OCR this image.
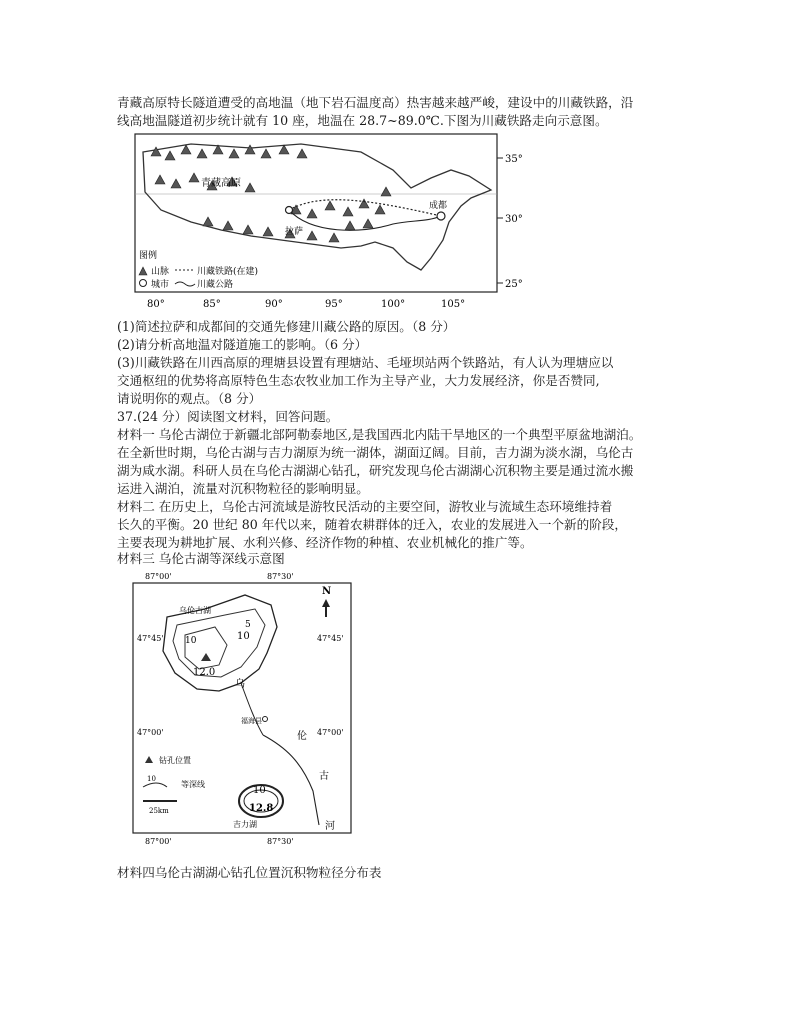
青藏高原特长隧道遭受的高地温（地下岩石温度高）热害越来越严峻，建设中的川藏铁路，沿
线高地温隧道初步统计就有 10 座，地温在 28.7~89.0℃.下图为川藏铁路走向示意图。
青藏高原
拉萨
成都
35°
30°
25°
80°	85°	90°	95°	100°	105°
图例
山脉	川藏铁路(在建)
城市	川藏公路
(1)简述拉萨和成都间的交通先修建川藏公路的原因。（8 分）
(2)请分析高地温对隧道施工的影响。（6 分）
(3)川藏铁路在川西高原的理塘县设置有理塘站、毛垭坝站两个铁路站，有人认为理塘应以
交通枢纽的优势将高原特色生态农牧业加工作为主导产业，大力发展经济，你是否赞同,
请说明你的观点。（8 分）
37.(24 分）阅读图文材料，回答问题。
材料一 乌伦古湖位于新疆北部阿勒泰地区,是我国西北内陆干旱地区的一个典型平原盆地湖泊。
在全新世时期，乌伦古湖与吉力湖原为统一湖体，湖面辽阔。目前，吉力湖为淡水湖，乌伦古
湖为咸水湖。科研人员在乌伦古湖湖心钻孔，研究发现乌伦古湖湖心沉积物主要是通过流水搬
运进入湖泊，流量对沉积物粒径的影响明显。
材料二 在历史上，乌伦古河流域是游牧民活动的主要空间，游牧业与流域生态环境维持着
长久的平衡。20 世纪 80 年代以来，随着农耕群体的迁入，农业的发展进入一个新的阶段，
主要表现为耕地扩展、水利兴修、经济作物的种植、农业机械化的推广等。
材料三 乌伦古湖等深线示意图
87°00'	87°30'
87°00'	87°30'
47°45'
47°00'
47°45'
47°00'
N
乌伦古湖
吉力湖
福海县
乌
伦
古
河
5
10
10
12.0
10
12.8
钻孔位置
10
等深线
25km
材料四乌伦古湖湖心钻孔位置沉积物粒径分布表
